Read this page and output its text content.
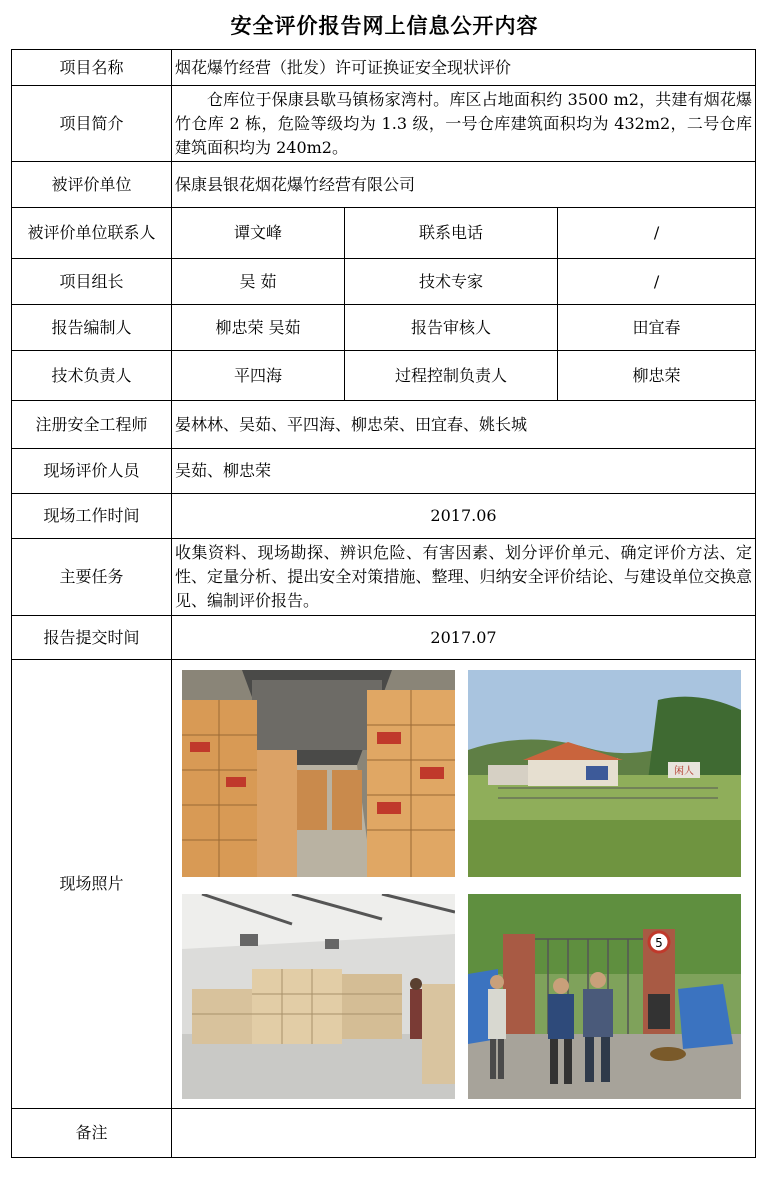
安全评价报告网上信息公开内容
项目名称	烟花爆竹经营（批发）许可证换证安全现状评价		
项目简介	仓库位于保康县歇马镇杨家湾村。库区占地面积约 3500 m2，共建有烟花爆竹仓库 2 栋，危险等级均为 1.3 级，一号仓库建筑面积均为 432m2，二号仓库建筑面积均为 240m2。		

被评价单位	保康县银花烟花爆竹经营有限公司		
被评价单位联系人	谭文峰	联系电话	/
项目组长	吴 茹	技术专家	/
报告编制人	柳忠荣 吴茹	报告审核人	田宜春
技术负责人	平四海	过程控制负责人	柳忠荣
注册安全工程师	晏林林、吴茹、平四海、柳忠荣、田宜春、姚长城		
现场评价人员	吴茹、柳忠荣		
现场工作时间	2017.06		
主要任务	收集资料、现场勘探、辨识危险、有害因素、划分评价单元、确定评价方法、定性、定量分析、提出安全对策措施、整理、归纳安全评价结论、与建设单位交换意见、编制评价报告。		

报告提交时间	2017.07		
现场照片	闲人
5		

备注			
